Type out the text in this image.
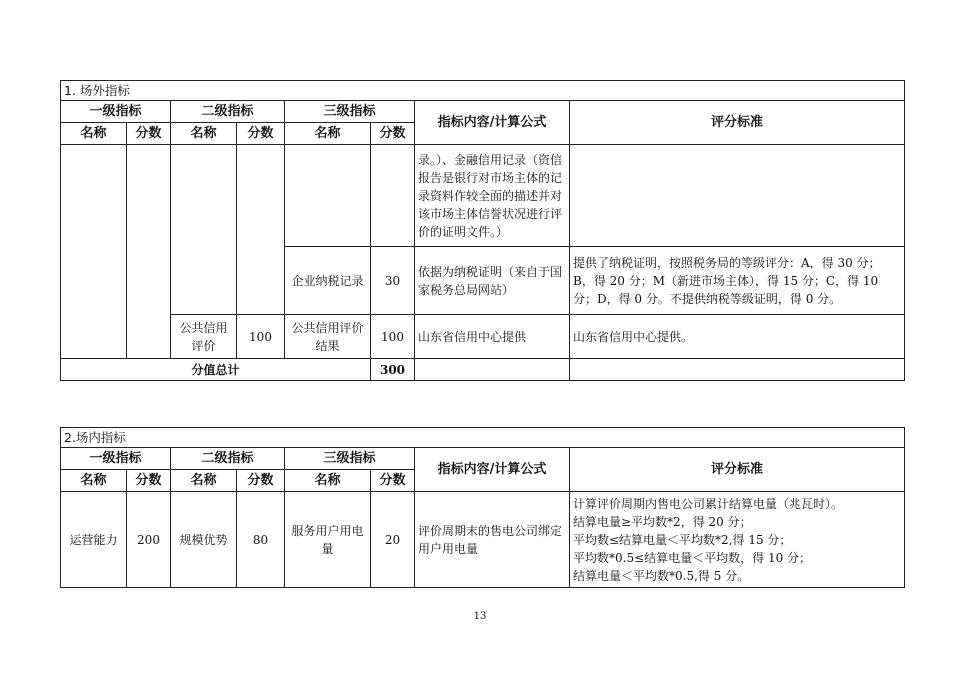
1. 场外指标							
一级指标		二级指标		三级指标		指标内容/计算公式	评分标准
名称	分数	名称	分数	名称	分数		
						录。）、金融信用记录（资信报告是银行对市场主体的记录资料作较全面的描述并对该市场主体信誉状况进行评价的证明文件。）	
				企业纳税记录	30	依据为纳税证明（来自于国家税务总局网站）	提供了纳税证明，按照税务局的等级评分：A，得 30 分；B，得 20 分；M（新进市场主体），得 15 分；C，得 10 分；D，得 0 分。不提供纳税等级证明，得 0 分。
		公共信用评价	100	公共信用评价结果	100	山东省信用中心提供	山东省信用中心提供。
分值总计					300		
2.场内指标							
一级指标		二级指标		三级指标		指标内容/计算公式	评分标准
名称	分数	名称	分数	名称	分数		
运营能力	200	规模优势	80	服务用户用电量	20	评价周期末的售电公司绑定用户用电量	计算评价周期内售电公司累计结算电量（兆瓦时）。
结算电量≥平均数*2，得 20 分；
平均数≤结算电量＜平均数*2,得 15 分；
平均数*0.5≤结算电量＜平均数，得 10 分；
结算电量＜平均数*0.5,得 5 分。
13
